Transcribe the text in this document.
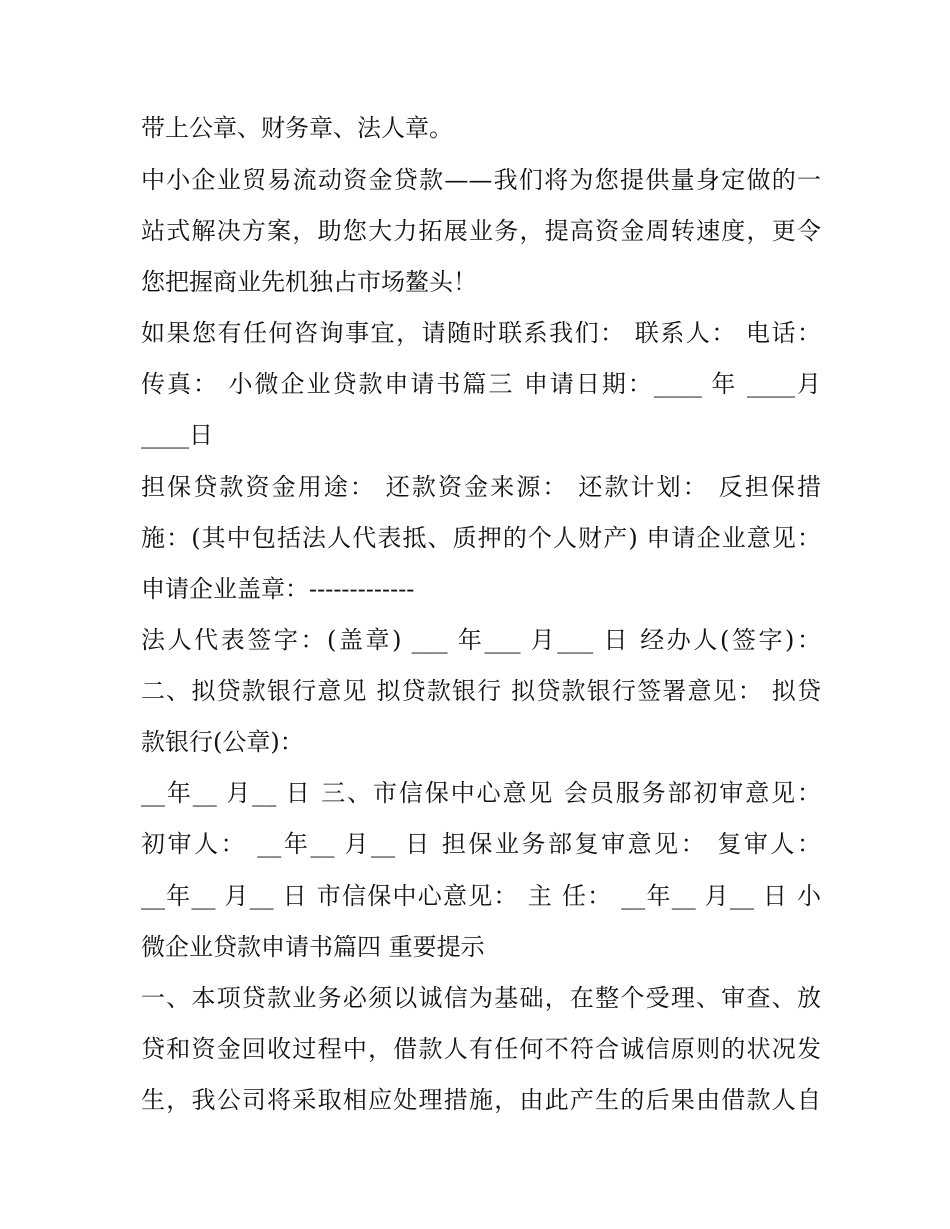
带上公章、财务章、法人章。
中小企业贸易流动资金贷款——我们将为您提供量身定做的一
站式解决方案，助您大力拓展业务，提高资金周转速度，更令
您把握商业先机独占市场鳌头！
如果您有任何咨询事宜，请随时联系我们： 联系人： 电话：
传真： 小微企业贷款申请书篇三 申请日期：____ 年 ____月
____日
担保贷款资金用途： 还款资金来源： 还款计划： 反担保措
施：(其中包括法人代表抵、质押的个人财产) 申请企业意见：
申请企业盖章：-------------
法人代表签字：(盖章) ___ 年___ 月___ 日 经办人(签字)：
二、拟贷款银行意见 拟贷款银行 拟贷款银行签署意见： 拟贷
款银行(公章)：
__年__ 月__ 日 三、市信保中心意见 会员服务部初审意见：
初审人： __年__ 月__ 日 担保业务部复审意见： 复审人：
__年__ 月__ 日 市信保中心意见： 主 任： __年__ 月__ 日 小
微企业贷款申请书篇四 重要提示
一、本项贷款业务必须以诚信为基础，在整个受理、审查、放
贷和资金回收过程中，借款人有任何不符合诚信原则的状况发
生，我公司将采取相应处理措施，由此产生的后果由借款人自
